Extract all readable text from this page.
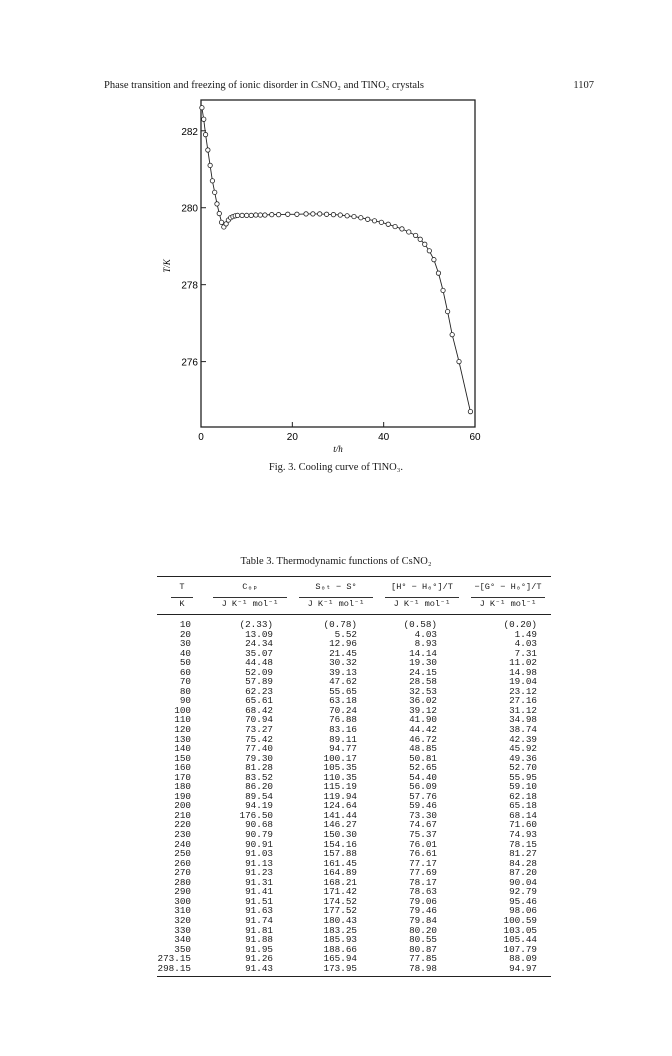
Phase transition and freezing of ionic disorder in CsNO₂ and TlNO₂ crystals	1107
0	20	40	60
276
278
280
282
t/h
T/K
Fig. 3. Cooling curve of TlNO₃.
Table 3. Thermodynamic functions of CsNO₂
T	C₀ₚ	S₀ₜ − S°	[H° − H₀°]/T	−[G° − H₀°]/T
K	J K⁻¹ mol⁻¹	J K⁻¹ mol⁻¹	J K⁻¹ mol⁻¹	J K⁻¹ mol⁻¹
10	(2.33)	(0.78)	(0.58)	(0.20)
20	13.09	5.52	4.03	1.49
30	24.34	12.96	8.93	4.03
40	35.07	21.45	14.14	7.31
50	44.48	30.32	19.30	11.02
60	52.09	39.13	24.15	14.98
70	57.89	47.62	28.58	19.04
80	62.23	55.65	32.53	23.12
90	65.61	63.18	36.02	27.16
100	68.42	70.24	39.12	31.12
110	70.94	76.88	41.90	34.98
120	73.27	83.16	44.42	38.74
130	75.42	89.11	46.72	42.39
140	77.40	94.77	48.85	45.92
150	79.30	100.17	50.81	49.36
160	81.28	105.35	52.65	52.70
170	83.52	110.35	54.40	55.95
180	86.20	115.19	56.09	59.10
190	89.54	119.94	57.76	62.18
200	94.19	124.64	59.46	65.18
210	176.50	141.44	73.30	68.14
220	90.68	146.27	74.67	71.60
230	90.79	150.30	75.37	74.93
240	90.91	154.16	76.01	78.15
250	91.03	157.88	76.61	81.27
260	91.13	161.45	77.17	84.28
270	91.23	164.89	77.69	87.20
280	91.31	168.21	78.17	90.04
290	91.41	171.42	78.63	92.79
300	91.51	174.52	79.06	95.46
310	91.63	177.52	79.46	98.06
320	91.74	180.43	79.84	100.59
330	91.81	183.25	80.20	103.05
340	91.88	185.93	80.55	105.44
350	91.95	188.66	80.87	107.79
273.15	91.26	165.94	77.85	88.09
298.15	91.43	173.95	78.98	94.97
